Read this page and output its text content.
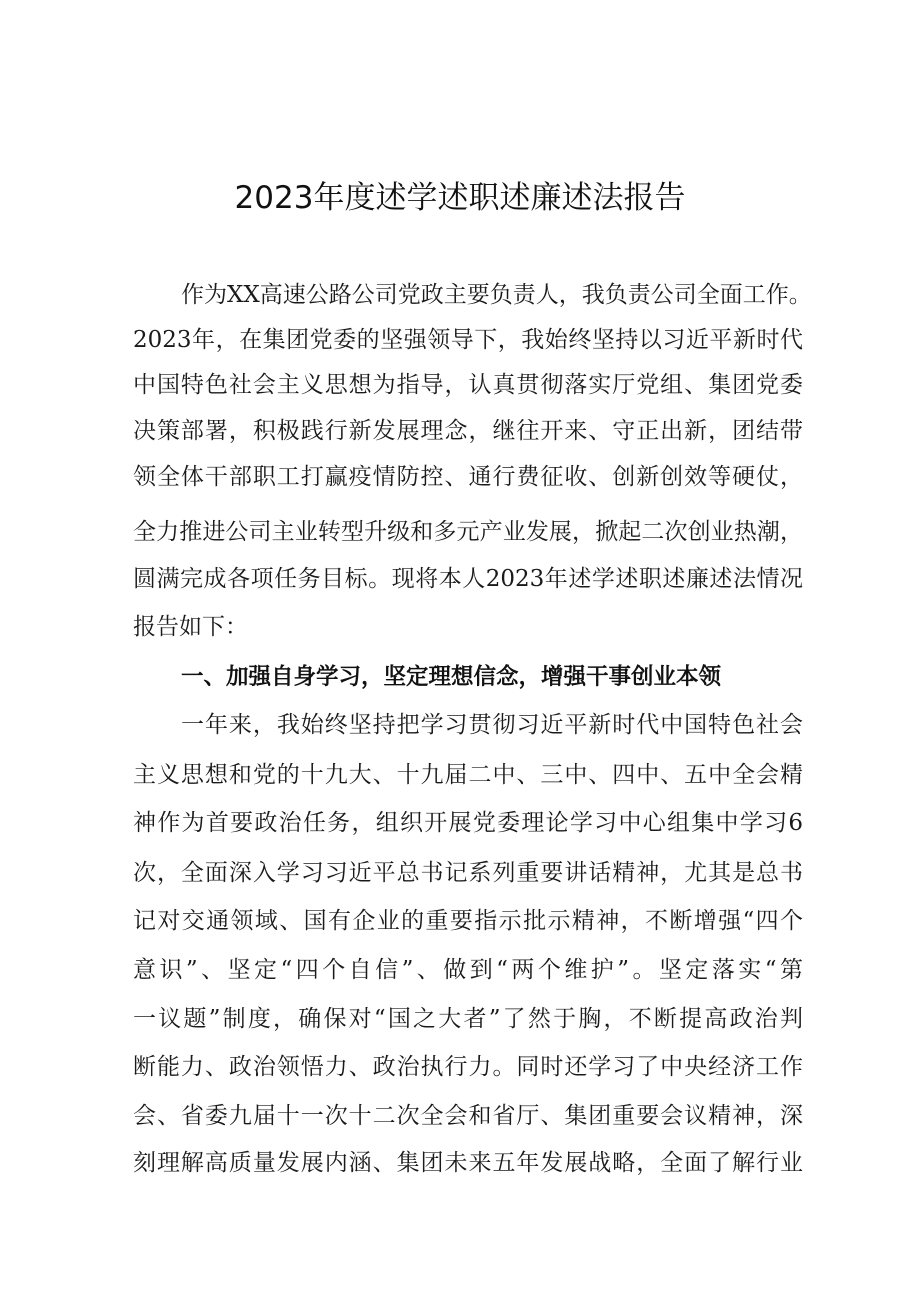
2023年度述学述职述廉述法报告

作为XX高速公路公司党政主要负责人，我负责公司全面工作。

2023年，在集团党委的坚强领导下，我始终坚持以习近平新时代

中国特色社会主义思想为指导，认真贯彻落实厅党组、集团党委

决策部署，积极践行新发展理念，继往开来、守正出新，团结带

领全体干部职工打赢疫情防控、通行费征收、创新创效等硬仗，

全力推进公司主业转型升级和多元产业发展，掀起二次创业热潮，

圆满完成各项任务目标。现将本人2023年述学述职述廉述法情况

报告如下：

一、加强自身学习，坚定理想信念，增强干事创业本领

一年来，我始终坚持把学习贯彻习近平新时代中国特色社会

主义思想和党的十九大、十九届二中、三中、四中、五中全会精

神作为首要政治任务，组织开展党委理论学习中心组集中学习6

次，全面深入学习习近平总书记系列重要讲话精神，尤其是总书

记对交通领域、国有企业的重要指示批示精神，不断增强“四个

意识”、坚定“四个自信”、做到“两个维护”。坚定落实“第

一议题”制度，确保对“国之大者”了然于胸，不断提高政治判

断能力、政治领悟力、政治执行力。同时还学习了中央经济工作

会、省委九届十一次十二次全会和省厅、集团重要会议精神，深

刻理解高质量发展内涵、集团未来五年发展战略，全面了解行业
